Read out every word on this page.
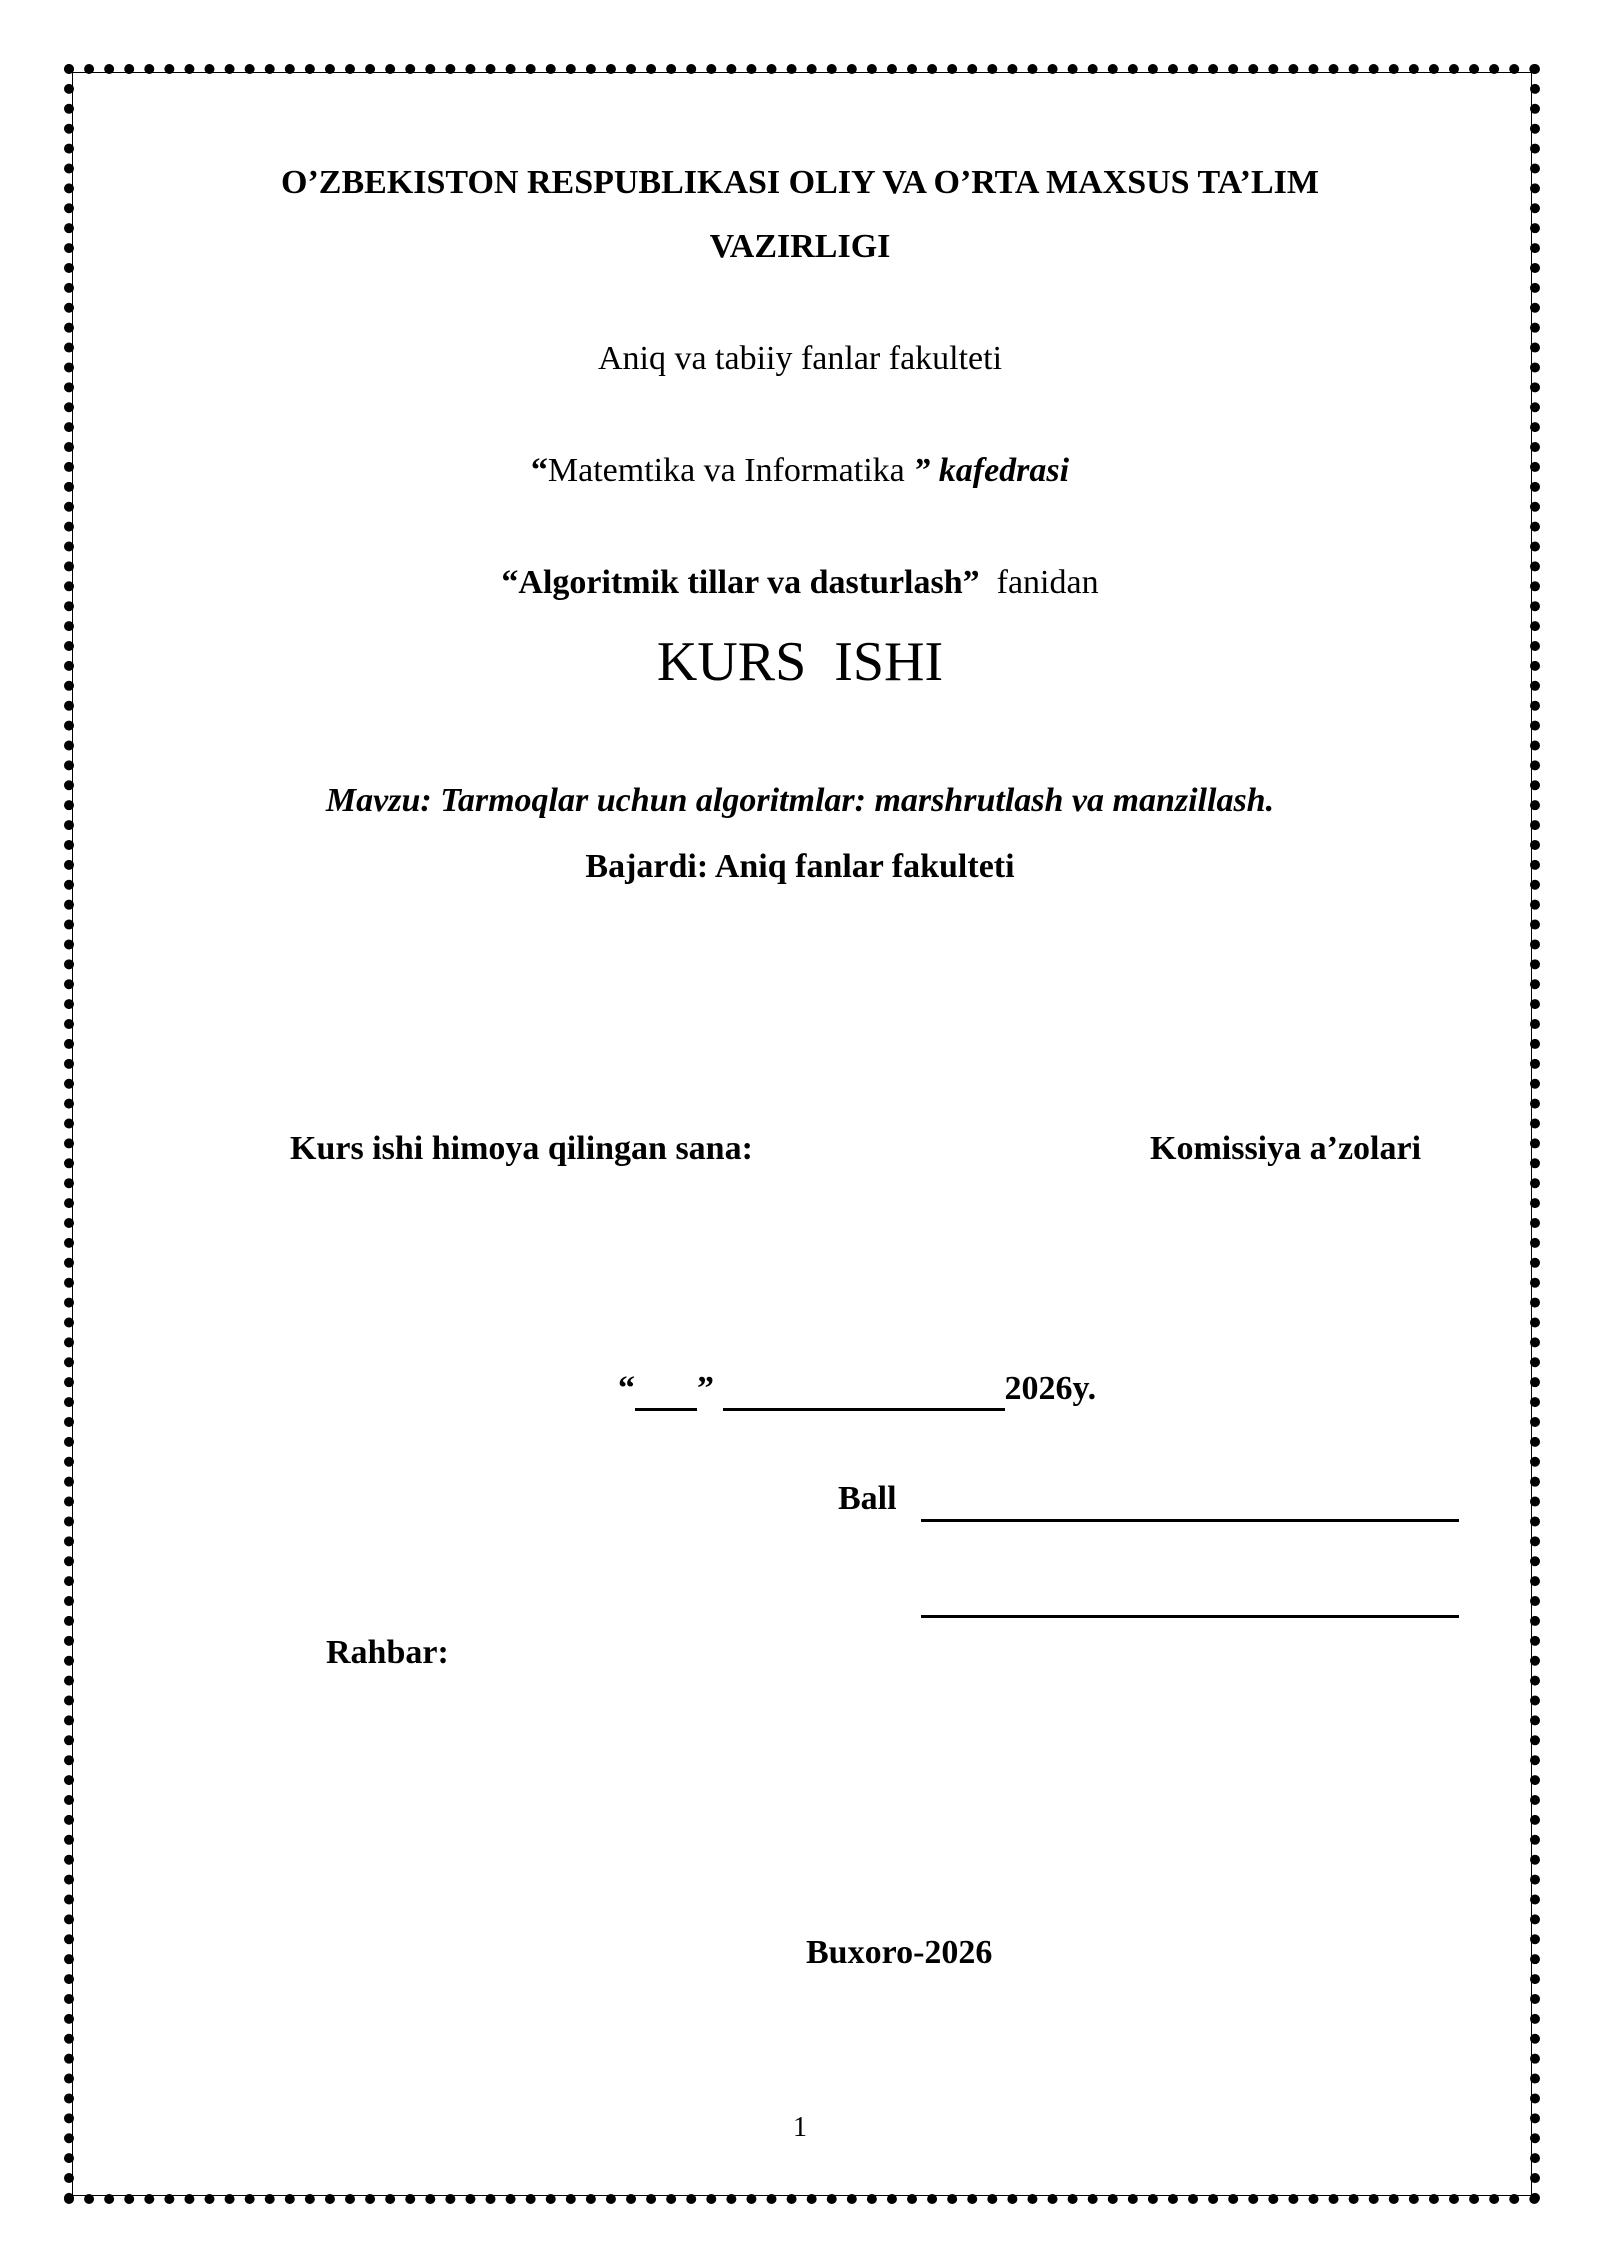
O’ZBEKISTON RESPUBLIKASI OLIY VA O’RTA MAXSUS TA’LIM
VAZIRLIGI
Aniq va tabiiy fanlar fakulteti
“Matemtika va Informatika ” kafedrasi
“Algoritmik tillar va dasturlash”  fanidan
KURS  ISHI
Mavzu: Tarmoqlar uchun algoritmlar: marshrutlash va manzillash.
Bajardi: Aniq fanlar fakulteti
Kurs ishi himoya qilingan sana:	Komissiya a’zolari
“ ”	2026y.
Ball
Rahbar:
Buxoro-2026
1
